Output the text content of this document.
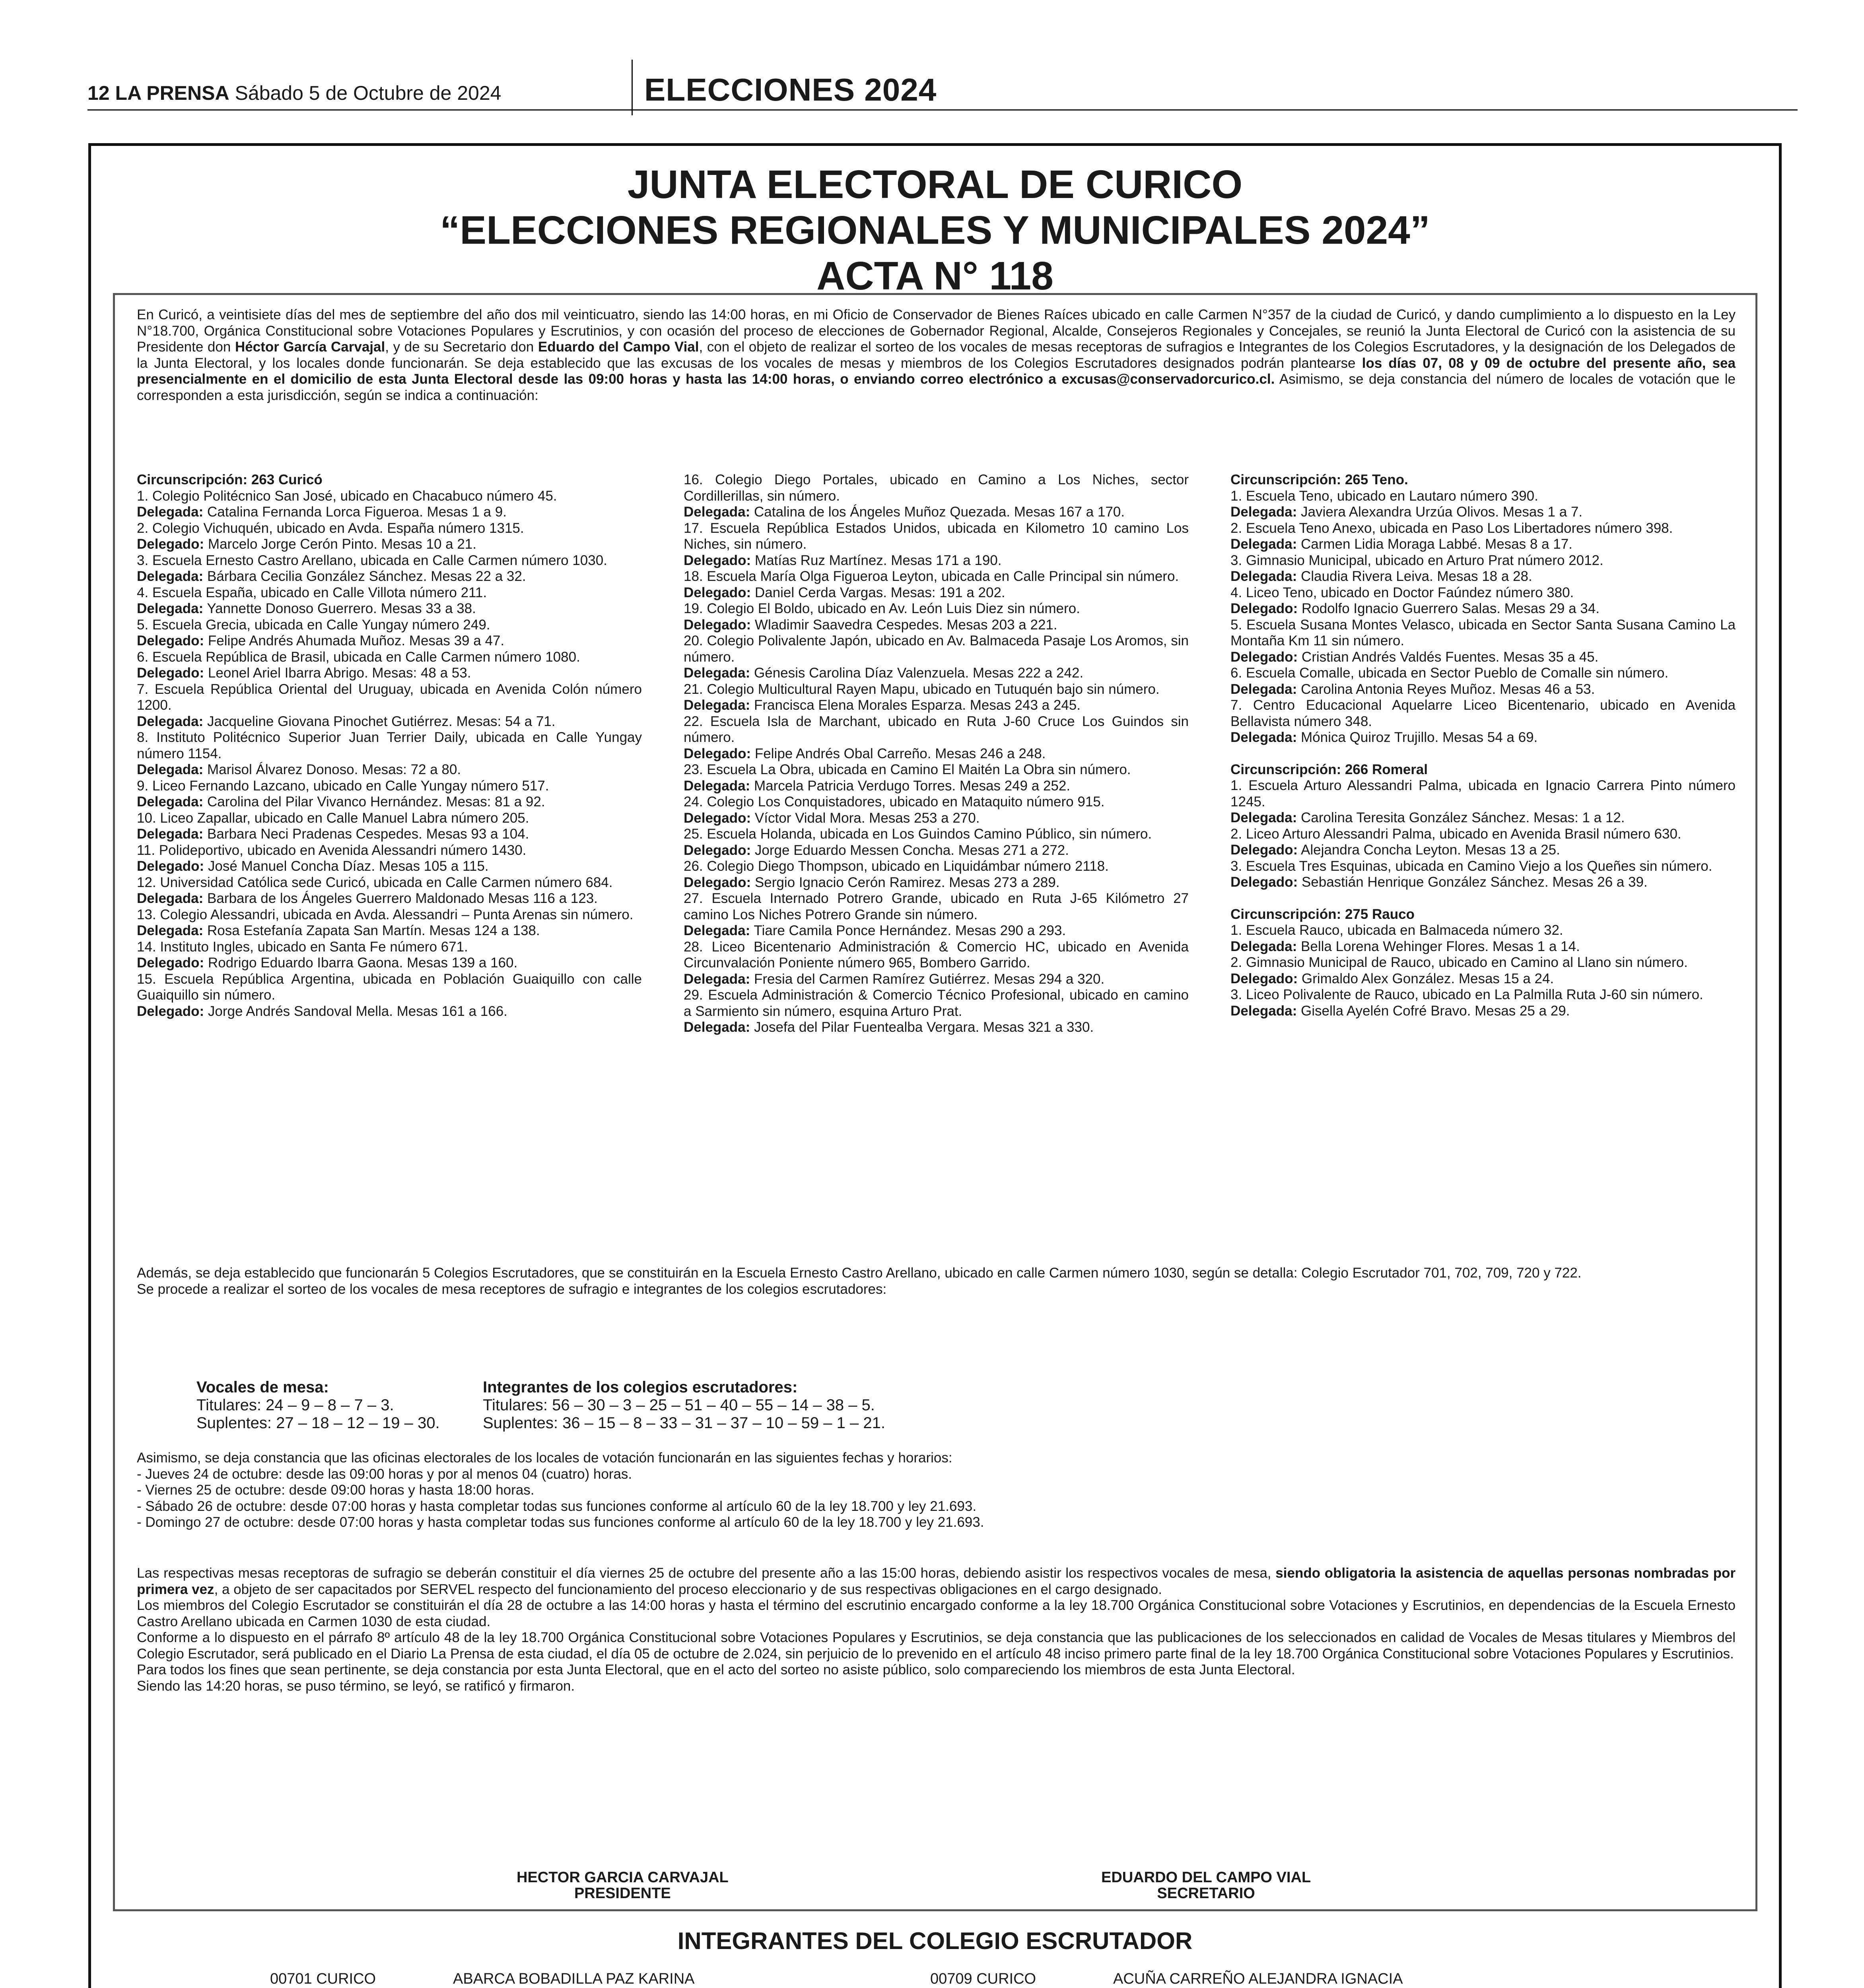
12 LA PRENSA Sábado 5 de Octubre de 2024	ELECCIONES 2024
JUNTA ELECTORAL DE CURICO
“ELECCIONES REGIONALES Y MUNICIPALES 2024”
ACTA N° 118

En Curicó, a veintisiete días del mes de septiembre del año dos mil veinticuatro, siendo las 14:00 horas, en mi Oficio de Conservador de Bienes Raíces ubicado en calle Carmen N°357 de la ciudad de Curicó, y dando cumplimiento a lo dispuesto en la Ley N°18.700, Orgánica Constitucional sobre Votaciones Populares y Escrutinios, y con ocasión del proceso de elecciones de Gobernador Regional, Alcalde, Consejeros Regionales y Concejales, se reunió la Junta Electoral de Curicó con la asistencia de su Presidente don Héctor García Carvajal, y de su Secretario don Eduardo del Campo Vial, con el objeto de realizar el sorteo de los vocales de mesas receptoras de sufragios e Integrantes de los Colegios Escrutadores, y la designación de los Delegados de la Junta Electoral, y los locales donde funcionarán. Se deja establecido que las excusas de los vocales de mesas y miembros de los Colegios Escrutadores designados podrán plantearse los días 07, 08 y 09 de octubre del presente año, sea presencialmente en el domicilio de esta Junta Electoral desde las 09:00 horas y hasta las 14:00 horas, o enviando correo electrónico a excusas@conservadorcurico.cl. Asimismo, se deja constancia del número de locales de votación que le corresponden a esta jurisdicción, según se indica a continuación:

Circunscripción: 263 Curicó

1. Colegio Politécnico San José, ubicado en Chacabuco número 45.

Delegada: Catalina Fernanda Lorca Figueroa. Mesas 1 a 9.

2. Colegio Vichuquén, ubicado en Avda. España número 1315.

Delegado: Marcelo Jorge Cerón Pinto. Mesas 10 a 21.

3. Escuela Ernesto Castro Arellano, ubicada en Calle Carmen número 1030.

Delegada: Bárbara Cecilia González Sánchez. Mesas 22 a 32.

4. Escuela España, ubicado en Calle Villota número 211.

Delegada: Yannette Donoso Guerrero. Mesas 33 a 38.

5. Escuela Grecia, ubicada en Calle Yungay número 249.

Delegado: Felipe Andrés Ahumada Muñoz. Mesas 39 a 47.

6. Escuela República de Brasil, ubicada en Calle Carmen número 1080.

Delegado: Leonel Ariel Ibarra Abrigo. Mesas: 48 a 53.

7. Escuela República Oriental del Uruguay, ubicada en Avenida Colón número 1200.

Delegada: Jacqueline Giovana Pinochet Gutiérrez. Mesas: 54 a 71.

8. Instituto Politécnico Superior Juan Terrier Daily, ubicada en Calle Yungay número 1154.

Delegada: Marisol Álvarez Donoso. Mesas: 72 a 80.

9. Liceo Fernando Lazcano, ubicado en Calle Yungay número 517.

Delegada: Carolina del Pilar Vivanco Hernández. Mesas: 81 a 92.

10. Liceo Zapallar, ubicado en Calle Manuel Labra número 205.

Delegada: Barbara Neci Pradenas Cespedes. Mesas 93 a 104.

11. Polideportivo, ubicado en Avenida Alessandri número 1430.

Delegado: José Manuel Concha Díaz. Mesas 105 a 115.

12. Universidad Católica sede Curicó, ubicada en Calle Carmen número 684.

Delegada: Barbara de los Ángeles Guerrero Maldonado Mesas 116 a 123.

13. Colegio Alessandri, ubicada en Avda. Alessandri – Punta Arenas sin número.

Delegada: Rosa Estefanía Zapata San Martín. Mesas 124 a 138.

14. Instituto Ingles, ubicado en Santa Fe número 671.

Delegado: Rodrigo Eduardo Ibarra Gaona. Mesas 139 a 160.

15. Escuela República Argentina, ubicada en Población Guaiquillo con calle Guaiquillo sin número.

Delegado: Jorge Andrés Sandoval Mella. Mesas 161 a 166.

16. Colegio Diego Portales, ubicado en Camino a Los Niches, sector Cordillerillas, sin número.

Delegada: Catalina de los Ángeles Muñoz Quezada. Mesas 167 a 170.

17. Escuela República Estados Unidos, ubicada en Kilometro 10 camino Los Niches, sin número.

Delegado: Matías Ruz Martínez. Mesas 171 a 190.

18. Escuela María Olga Figueroa Leyton, ubicada en Calle Principal sin número.

Delegado: Daniel Cerda Vargas. Mesas: 191 a 202.

19. Colegio El Boldo, ubicado en Av. León Luis Diez sin número.

Delegado: Wladimir Saavedra Cespedes. Mesas 203 a 221.

20. Colegio Polivalente Japón, ubicado en Av. Balmaceda Pasaje Los Aromos, sin número.

Delegada: Génesis Carolina Díaz Valenzuela. Mesas 222 a 242.

21. Colegio Multicultural Rayen Mapu, ubicado en Tutuquén bajo sin número.

Delegada: Francisca Elena Morales Esparza. Mesas 243 a 245.

22. Escuela Isla de Marchant, ubicado en Ruta J-60 Cruce Los Guindos sin número.

Delegado: Felipe Andrés Obal Carreño. Mesas 246 a 248.

23. Escuela La Obra, ubicada en Camino El Maitén La Obra sin número.

Delegada: Marcela Patricia Verdugo Torres. Mesas 249 a 252.

24. Colegio Los Conquistadores, ubicado en Mataquito número 915.

Delegado: Víctor Vidal Mora. Mesas 253 a 270.

25. Escuela Holanda, ubicada en Los Guindos Camino Público, sin número.

Delegado: Jorge Eduardo Messen Concha. Mesas 271 a 272.

26. Colegio Diego Thompson, ubicado en Liquidámbar número 2118.

Delegado: Sergio Ignacio Cerón Ramirez. Mesas 273 a 289.

27. Escuela Internado Potrero Grande, ubicado en Ruta J-65 Kilómetro 27 camino Los Niches Potrero Grande sin número.

Delegada: Tiare Camila Ponce Hernández. Mesas 290 a 293.

28. Liceo Bicentenario Administración & Comercio HC, ubicado en Avenida Circunvalación Poniente número 965, Bombero Garrido.

Delegada: Fresia del Carmen Ramírez Gutiérrez. Mesas 294 a 320.

29. Escuela Administración & Comercio Técnico Profesional, ubicado en camino a Sarmiento sin número, esquina Arturo Prat.

Delegada: Josefa del Pilar Fuentealba Vergara. Mesas 321 a 330.

Circunscripción: 265 Teno.

1. Escuela Teno, ubicado en Lautaro número 390.

Delegada: Javiera Alexandra Urzúa Olivos. Mesas 1 a 7.

2. Escuela Teno Anexo, ubicada en Paso Los Libertadores número 398.

Delegada: Carmen Lidia Moraga Labbé. Mesas 8 a 17.

3. Gimnasio Municipal, ubicado en Arturo Prat número 2012.

Delegada: Claudia Rivera Leiva. Mesas 18 a 28.

4. Liceo Teno, ubicado en Doctor Faúndez número 380.

Delegado: Rodolfo Ignacio Guerrero Salas. Mesas 29 a 34.

5. Escuela Susana Montes Velasco, ubicada en Sector Santa Susana Camino La Montaña Km 11 sin número.

Delegado: Cristian Andrés Valdés Fuentes. Mesas 35 a 45.

6. Escuela Comalle, ubicada en Sector Pueblo de Comalle sin número.

Delegada: Carolina Antonia Reyes Muñoz. Mesas 46 a 53.

7. Centro Educacional Aquelarre Liceo Bicentenario, ubicado en Avenida Bellavista número 348.

Delegada: Mónica Quiroz Trujillo. Mesas 54 a 69.

Circunscripción: 266 Romeral

1. Escuela Arturo Alessandri Palma, ubicada en Ignacio Carrera Pinto número 1245.

Delegada: Carolina Teresita González Sánchez. Mesas: 1 a 12.

2. Liceo Arturo Alessandri Palma, ubicado en Avenida Brasil número 630.

Delegado: Alejandra Concha Leyton. Mesas 13 a 25.

3. Escuela Tres Esquinas, ubicada en Camino Viejo a los Queñes sin número.

Delegado: Sebastián Henrique González Sánchez. Mesas 26 a 39.

Circunscripción: 275 Rauco

1. Escuela Rauco, ubicada en Balmaceda número 32.

Delegada: Bella Lorena Wehinger Flores. Mesas 1 a 14.

2. Gimnasio Municipal de Rauco, ubicado en Camino al Llano sin número.

Delegado: Grimaldo Alex González. Mesas 15 a 24.

3. Liceo Polivalente de Rauco, ubicado en La Palmilla Ruta J-60 sin número.

Delegada: Gisella Ayelén Cofré Bravo. Mesas 25 a 29.

Además, se deja establecido que funcionarán 5 Colegios Escrutadores, que se constituirán en la Escuela Ernesto Castro Arellano, ubicado en calle Carmen número 1030, según se detalla: Colegio Escrutador 701, 702, 709, 720 y 722.

Se procede a realizar el sorteo de los vocales de mesa receptores de sufragio e integrantes de los colegios escrutadores:

Vocales de mesa:
Titulares: 24 – 9 – 8 – 7 – 3.
Suplentes: 27 – 18 – 12 – 19 – 30.
Integrantes de los colegios escrutadores:
Titulares: 56 – 30 – 3 – 25 – 51 – 40 – 55 – 14 – 38 – 5.
Suplentes: 36 – 15 – 8 – 33 – 31 – 37 – 10 – 59 – 1 – 21.

Asimismo, se deja constancia que las oficinas electorales de los locales de votación funcionarán en las siguientes fechas y horarios:

- Jueves 24 de octubre: desde las 09:00 horas y por al menos 04 (cuatro) horas.

- Viernes 25 de octubre: desde 09:00 horas y hasta 18:00 horas.

- Sábado 26 de octubre: desde 07:00 horas y hasta completar todas sus funciones conforme al artículo 60 de la ley 18.700 y ley 21.693.

- Domingo 27 de octubre: desde 07:00 horas y hasta completar todas sus funciones conforme al artículo 60 de la ley 18.700 y ley 21.693.

Las respectivas mesas receptoras de sufragio se deberán constituir el día viernes 25 de octubre del presente año a las 15:00 horas, debiendo asistir los respectivos vocales de mesa, siendo obligatoria la asistencia de aquellas personas nombradas por primera vez, a objeto de ser capacitados por SERVEL respecto del funcionamiento del proceso eleccionario y de sus respectivas obligaciones en el cargo designado.

Los miembros del Colegio Escrutador se constituirán el día 28 de octubre a las 14:00 horas y hasta el término del escrutinio encargado conforme a la ley 18.700 Orgánica Constitucional sobre Votaciones y Escrutinios, en dependencias de la Escuela Ernesto Castro Arellano ubicada en Carmen 1030 de esta ciudad.

Conforme a lo dispuesto en el párrafo 8º artículo 48 de la ley 18.700 Orgánica Constitucional sobre Votaciones Populares y Escrutinios, se deja constancia que las publicaciones de los seleccionados en calidad de Vocales de Mesas titulares y Miembros del Colegio Escrutador, será publicado en el Diario La Prensa de esta ciudad, el día 05 de octubre de 2.024, sin perjuicio de lo prevenido en el artículo 48 inciso primero parte final de la ley 18.700 Orgánica Constitucional sobre Votaciones Populares y Escrutinios.

Para todos los fines que sean pertinente, se deja constancia por esta Junta Electoral, que en el acto del sorteo no asiste público, solo compareciendo los miembros de esta Junta Electoral.

Siendo las 14:20 horas, se puso término, se leyó, se ratificó y firmaron.

HECTOR GARCIA CARVAJAL
PRESIDENTE
EDUARDO DEL CAMPO VIAL
SECRETARIO
INTEGRANTES DEL COLEGIO ESCRUTADOR
00701 CURICO	ABARCA BOBADILLA PAZ KARINA	00709 CURICO	ACUÑA CARREÑO ALEJANDRA IGNACIA
